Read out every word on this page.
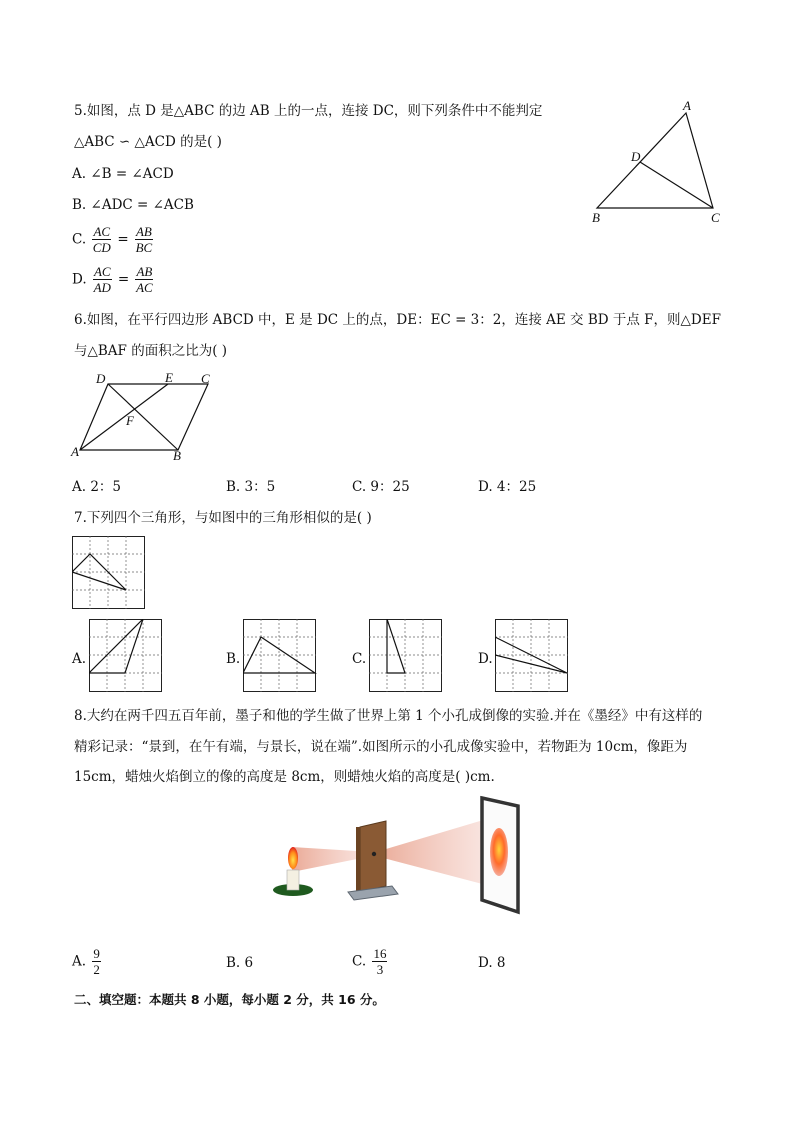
5.如图，点 D 是△ABC 的边 AB 上的一点，连接 DC，则下列条件中不能判定
△ABC ∽ △ACD 的是( )
A. ∠B = ∠ACD
B. ∠ADC = ∠ACB
C. $\frac{AC}{CD} = \frac{AB}{BC}$
D. $\frac{AC}{AD} = \frac{AB}{AC}$
A
D
B	C
6.如图，在平行四边形 ABCD 中，E 是 DC 上的点，DE：EC = 3：2，连接 AE 交 BD 于点 F，则△DEF
与△BAF 的面积之比为( )
D	E C
F
A	B
A. 2：5	B. 3：5	C. 9：25	D. 4：25
7.下列四个三角形，与如图中的三角形相似的是( )
A.	B.	C.	D.
8.大约在两千四五百年前，墨子和他的学生做了世界上第 1 个小孔成倒像的实验.并在《墨经》中有这样的
精彩记录：“景到，在午有端，与景长，说在端”.如图所示的小孔成像实验中，若物距为 10cm，像距为
15cm，蜡烛火焰倒立的像的高度是 8cm，则蜡烛火焰的高度是( )cm.
A. $\frac{9}{2}$	B. 6	C. $\frac{16}{3}$	D. 8
二、填空题：本题共 8 小题，每小题 2 分，共 16 分。
